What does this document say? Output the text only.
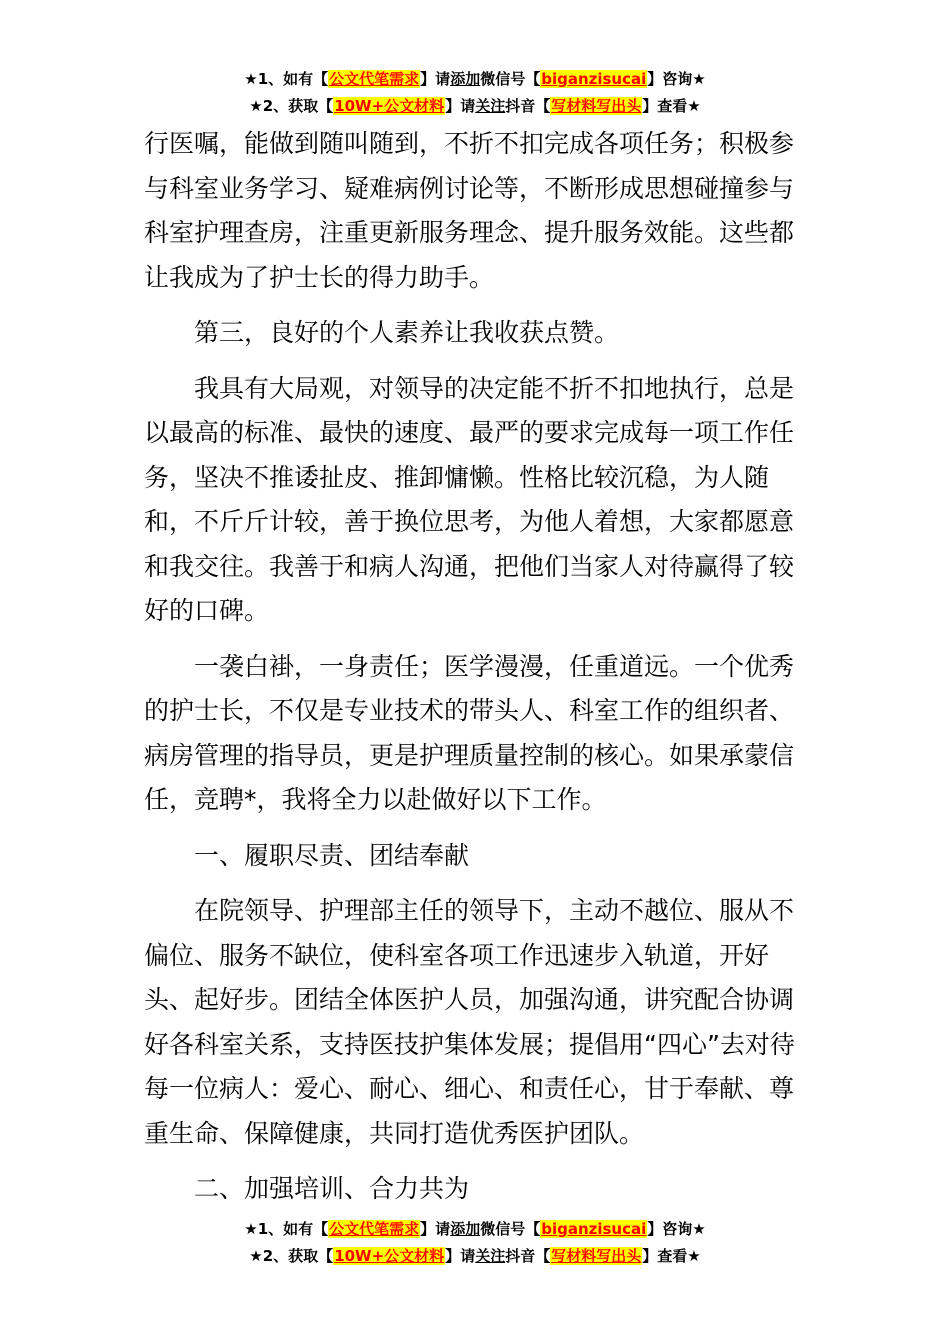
★1、如有【公文代笔需求】请添加微信号【biganzisucai】咨询★
★2、获取【10W+公文材料】请关注抖音【写材料写出头】查看★

行医嘱，能做到随叫随到，不折不扣完成各项任务；积极参与科室业务学习、疑难病例讨论等，不断形成思想碰撞参与科室护理查房，注重更新服务理念、提升服务效能。这些都让我成为了护士长的得力助手。

第三，良好的个人素养让我收获点赞。

我具有大局观，对领导的决定能不折不扣地执行，总是以最高的标准、最快的速度、最严的要求完成每一项工作任务，坚决不推诿扯皮、推卸慵懒。性格比较沉稳，为人随和，不斤斤计较，善于换位思考，为他人着想，大家都愿意和我交往。我善于和病人沟通，把他们当家人对待赢得了较好的口碑。

一袭白褂，一身责任；医学漫漫，任重道远。一个优秀的护士长，不仅是专业技术的带头人、科室工作的组织者、病房管理的指导员，更是护理质量控制的核心。如果承蒙信任，竞聘*，我将全力以赴做好以下工作。

一、履职尽责、团结奉献

在院领导、护理部主任的领导下，主动不越位、服从不偏位、服务不缺位，使科室各项工作迅速步入轨道，开好头、起好步。团结全体医护人员，加强沟通，讲究配合协调好各科室关系，支持医技护集体发展；提倡用“四心”去对待每一位病人：爱心、耐心、细心、和责任心，甘于奉献、尊重生命、保障健康，共同打造优秀医护团队。

二、加强培训、合力共为

★1、如有【公文代笔需求】请添加微信号【biganzisucai】咨询★
★2、获取【10W+公文材料】请关注抖音【写材料写出头】查看★
